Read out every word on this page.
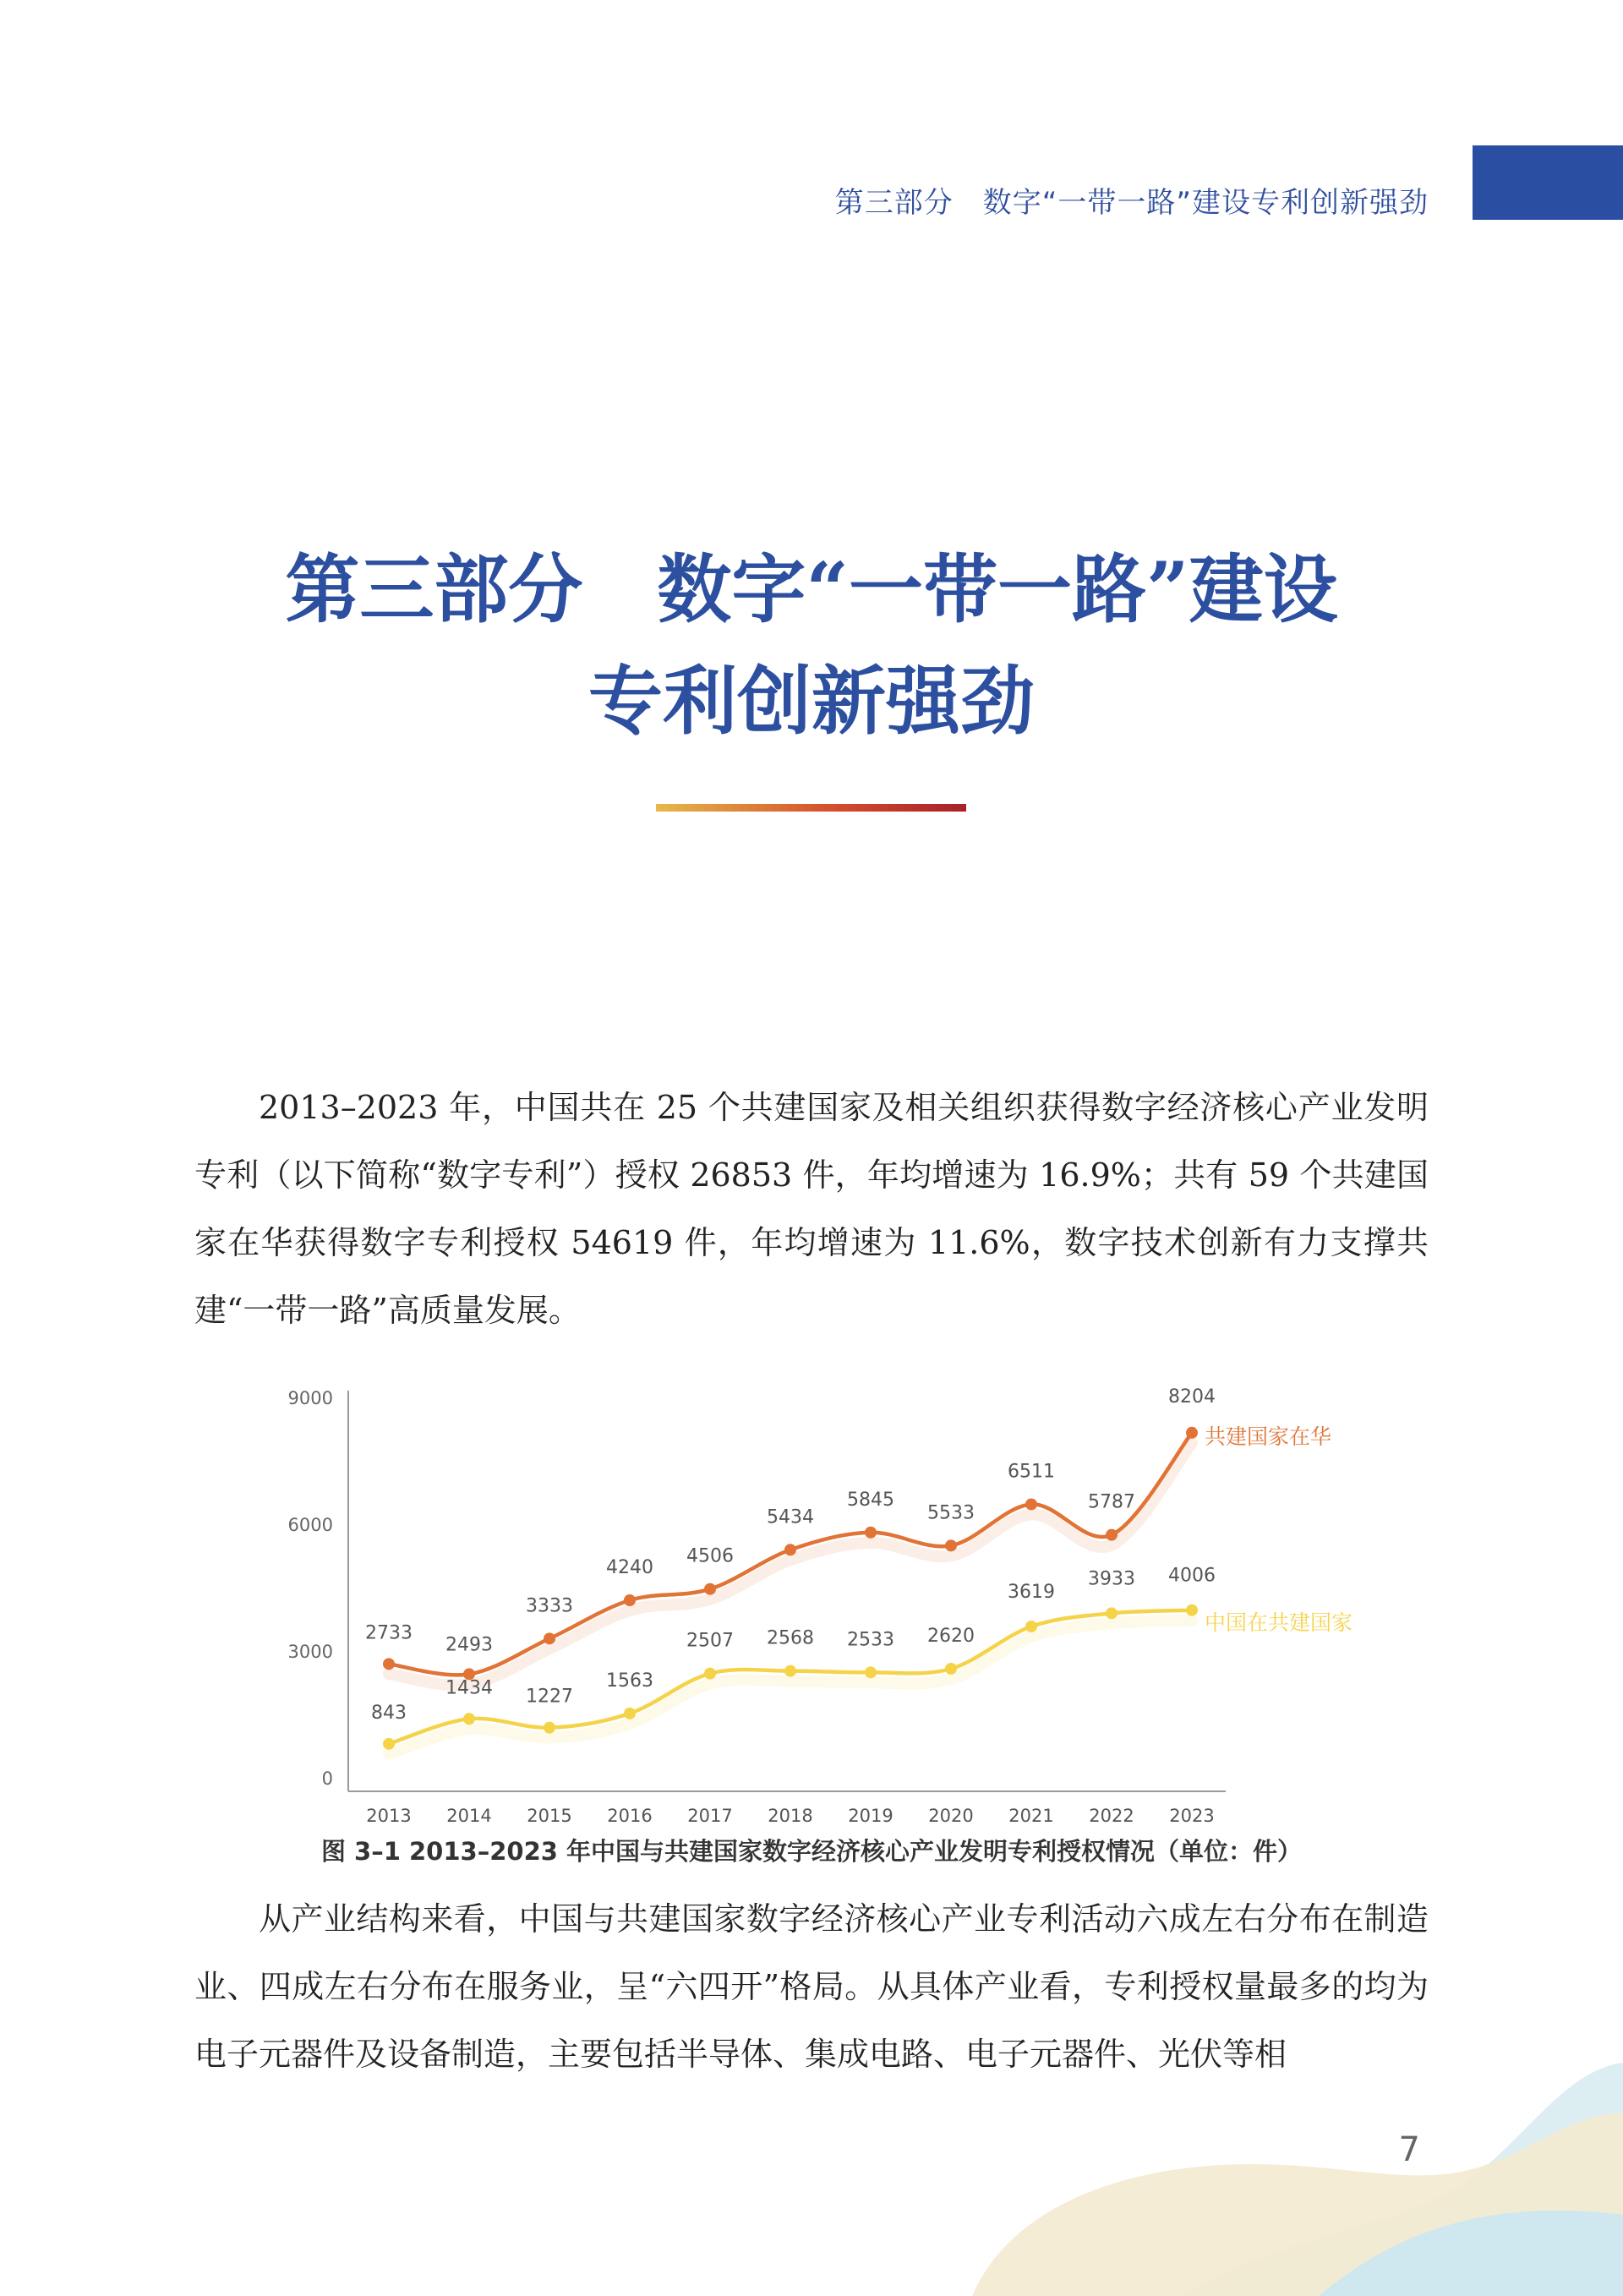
第三部分　数字“一带一路”建设专利创新强劲
第三部分　数字“一带一路”建设
专利创新强劲
2013–2023 年，中国共在 25 个共建国家及相关组织获得数字经济核心产业发明专利（以下简称“数字专利”）授权 26853 件，年均增速为 16.9%；共有 59 个共建国家在华获得数字专利授权 54619 件，年均增速为 11.6%，数字技术创新有力支撑共建“一带一路”高质量发展。
0
3000
6000
9000
2013 2014 2015 2016 2017 2018 2019 2020 2021 2022 2023
2733
2493
3333
4240
4506
5434
5845
5533
6511
5787
8204
共建国家在华
843
1434 1227
1563
2507 2568 2533 2620
3619
3933 4006
中国在共建国家
图 3–1 2013–2023 年中国与共建国家数字经济核心产业发明专利授权情况（单位：件）
从产业结构来看，中国与共建国家数字经济核心产业专利活动六成左右分布在制造业、四成左右分布在服务业，呈“六四开”格局。从具体产业看，专利授权量最多的均为电子元器件及设备制造，主要包括半导体、集成电路、电子元器件、光伏等相
7
